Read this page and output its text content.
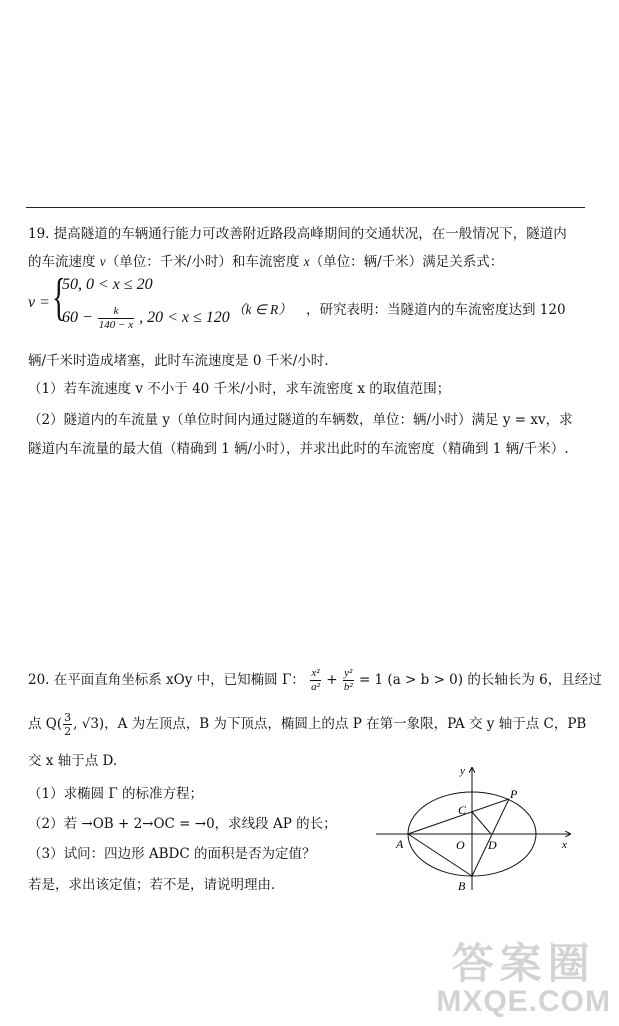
19. 提高隧道的车辆通行能力可改善附近路段高峰期间的交通状况，在一般情况下，隧道内
的车流速度 v（单位：千米/小时）和车流密度 x（单位：辆/千米）满足关系式：
v = {
50, 0 < x ≤ 20
$60 - \frac{k}{140 - x}$ , 20 < x ≤ 120 （k ∈ R） ，研究表明：当隧道内的车流密度达到 120
辆/千米时造成堵塞，此时车流速度是 0 千米/小时.
（1）若车流速度 v 不小于 40 千米/小时，求车流密度 x 的取值范围；
（2）隧道内的车流量 y（单位时间内通过隧道的车辆数，单位：辆/小时）满足 y = xv，求
隧道内车流量的最大值（精确到 1 辆/小时），并求出此时的车流密度（精确到 1 辆/千米）.
20. 在平面直角坐标系 xOy 中，已知椭圆 Γ： $\frac{\text{x²}}{\text{a²}} + \frac{\text{y²}}{\text{b²}} = 1$ (a > b > 0) 的长轴长为 6，且经过
点 $Q( \frac{3}{2}$ , √3)，A 为左顶点，B 为下顶点，椭圆上的点 P 在第一象限，PA 交 y 轴于点 C，PB
交 x 轴于点 D.
（1）求椭圆 Γ 的标准方程；
（2）若 →OB + 2→OC = →0，求线段 AP 的长；
（3）试问：四边形 ABDC 的面积是否为定值？
若是，求出该定值；若不是，请说明理由.
y
x
A
B
C
D
O
P
答案圈
MXQE.COM
